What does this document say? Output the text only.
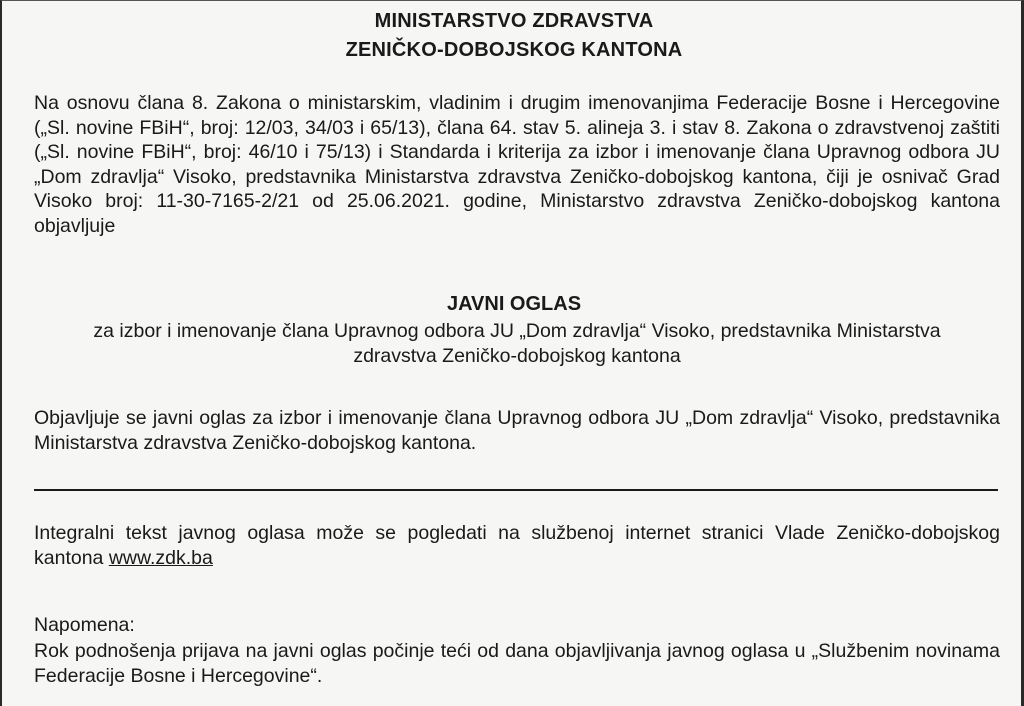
MINISTARSTVO ZDRAVSTVA
ZENIČKO-DOBOJSKOG KANTONA
Na osnovu člana 8. Zakona o ministarskim, vladinim i drugim imenovanjima Federacije Bosne i Hercegovine („Sl. novine FBiH“, broj: 12/03, 34/03 i 65/13), člana 64. stav 5. alineja 3. i stav 8. Zakona o zdravstvenoj zaštiti („Sl. novine FBiH“, broj: 46/10 i 75/13) i Standarda i kriterija za izbor i imenovanje člana Upravnog odbora JU „Dom zdravlja“ Visoko, predstavnika Ministarstva zdravstva Zeničko-dobojskog kantona, čiji je osnivač Grad Visoko broj: 11-30-7165-2/21 od 25.06.2021. godine, Ministarstvo zdravstva Zeničko-dobojskog kantona objavljuje
JAVNI OGLAS
za izbor i imenovanje člana Upravnog odbora JU „Dom zdravlja“ Visoko, predstavnika Ministarstva zdravstva Zeničko-dobojskog kantona
Objavljuje se javni oglas za izbor i imenovanje člana Upravnog odbora JU „Dom zdravlja“ Visoko, predstavnika Ministarstva zdravstva Zeničko-dobojskog kantona.
Integralni tekst javnog oglasa može se pogledati na službenoj internet stranici Vlade Zeničko-dobojskog kantona www.zdk.ba
Napomena:
Rok podnošenja prijava na javni oglas počinje teći od dana objavljivanja javnog oglasa u „Službenim novinama Federacije Bosne i Hercegovine“.
